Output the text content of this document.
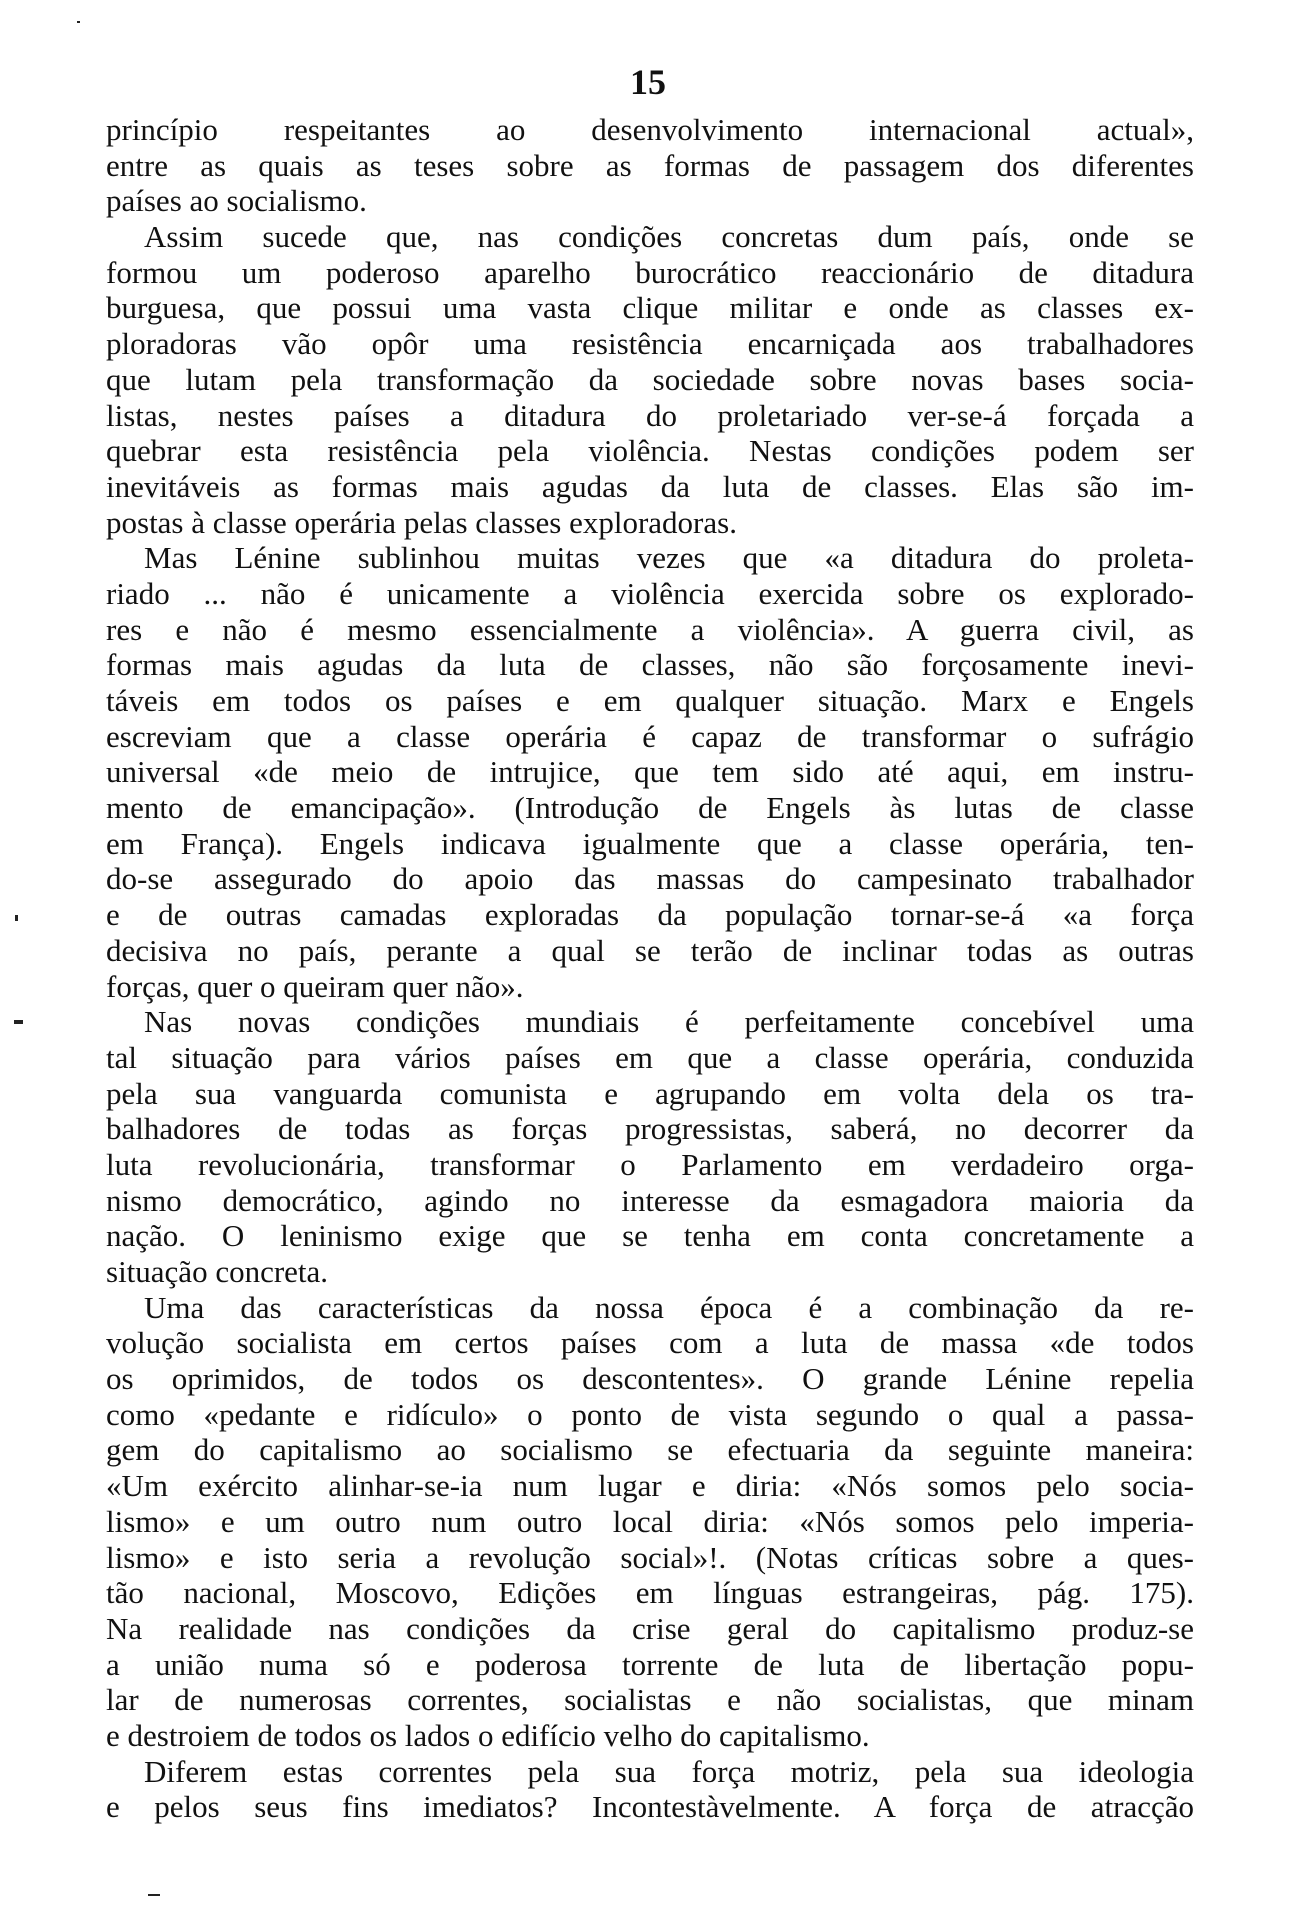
15
princípio respeitantes ao desenvolvimento internacional actual»,
entre as quais as teses sobre as formas de passagem dos diferentes
países ao socialismo.
Assim sucede que, nas condições concretas dum país, onde se
formou um poderoso aparelho burocrático reaccionário de ditadura
burguesa, que possui uma vasta clique militar e onde as classes ex-
ploradoras vão opôr uma resistência encarniçada aos trabalhadores
que lutam pela transformação da sociedade sobre novas bases socia-
listas, nestes países a ditadura do proletariado ver-se-á forçada a
quebrar esta resistência pela violência. Nestas condições podem ser
inevitáveis as formas mais agudas da luta de classes. Elas são im-
postas à classe operária pelas classes exploradoras.
Mas Lénine sublinhou muitas vezes que «a ditadura do proleta-
riado ... não é unicamente a violência exercida sobre os explorado-
res e não é mesmo essencialmente a violência». A guerra civil, as
formas mais agudas da luta de classes, não são forçosamente inevi-
táveis em todos os países e em qualquer situação. Marx e Engels
escreviam que a classe operária é capaz de transformar o sufrágio
universal «de meio de intrujice, que tem sido até aqui, em instru-
mento de emancipação». (Introdução de Engels às lutas de classe
em França). Engels indicava igualmente que a classe operária, ten-
do-se assegurado do apoio das massas do campesinato trabalhador
e de outras camadas exploradas da população tornar-se-á «a força
decisiva no país, perante a qual se terão de inclinar todas as outras
forças, quer o queiram quer não».
Nas novas condições mundiais é perfeitamente concebível uma
tal situação para vários países em que a classe operária, conduzida
pela sua vanguarda comunista e agrupando em volta dela os tra-
balhadores de todas as forças progressistas, saberá, no decorrer da
luta revolucionária, transformar o Parlamento em verdadeiro orga-
nismo democrático, agindo no interesse da esmagadora maioria da
nação. O leninismo exige que se tenha em conta concretamente a
situação concreta.
Uma das características da nossa época é a combinação da re-
volução socialista em certos países com a luta de massa «de todos
os oprimidos, de todos os descontentes». O grande Lénine repelia
como «pedante e ridículo» o ponto de vista segundo o qual a passa-
gem do capitalismo ao socialismo se efectuaria da seguinte maneira:
«Um exército alinhar-se-ia num lugar e diria: «Nós somos pelo socia-
lismo» e um outro num outro local diria: «Nós somos pelo imperia-
lismo» e isto seria a revolução social»!. (Notas críticas sobre a ques-
tão nacional, Moscovo, Edições em línguas estrangeiras, pág. 175).
Na realidade nas condições da crise geral do capitalismo produz-se
a união numa só e poderosa torrente de luta de libertação popu-
lar de numerosas correntes, socialistas e não socialistas, que minam
e destroiem de todos os lados o edifício velho do capitalismo.
Diferem estas correntes pela sua força motriz, pela sua ideologia
e pelos seus fins imediatos? Incontestàvelmente. A força de atracção
